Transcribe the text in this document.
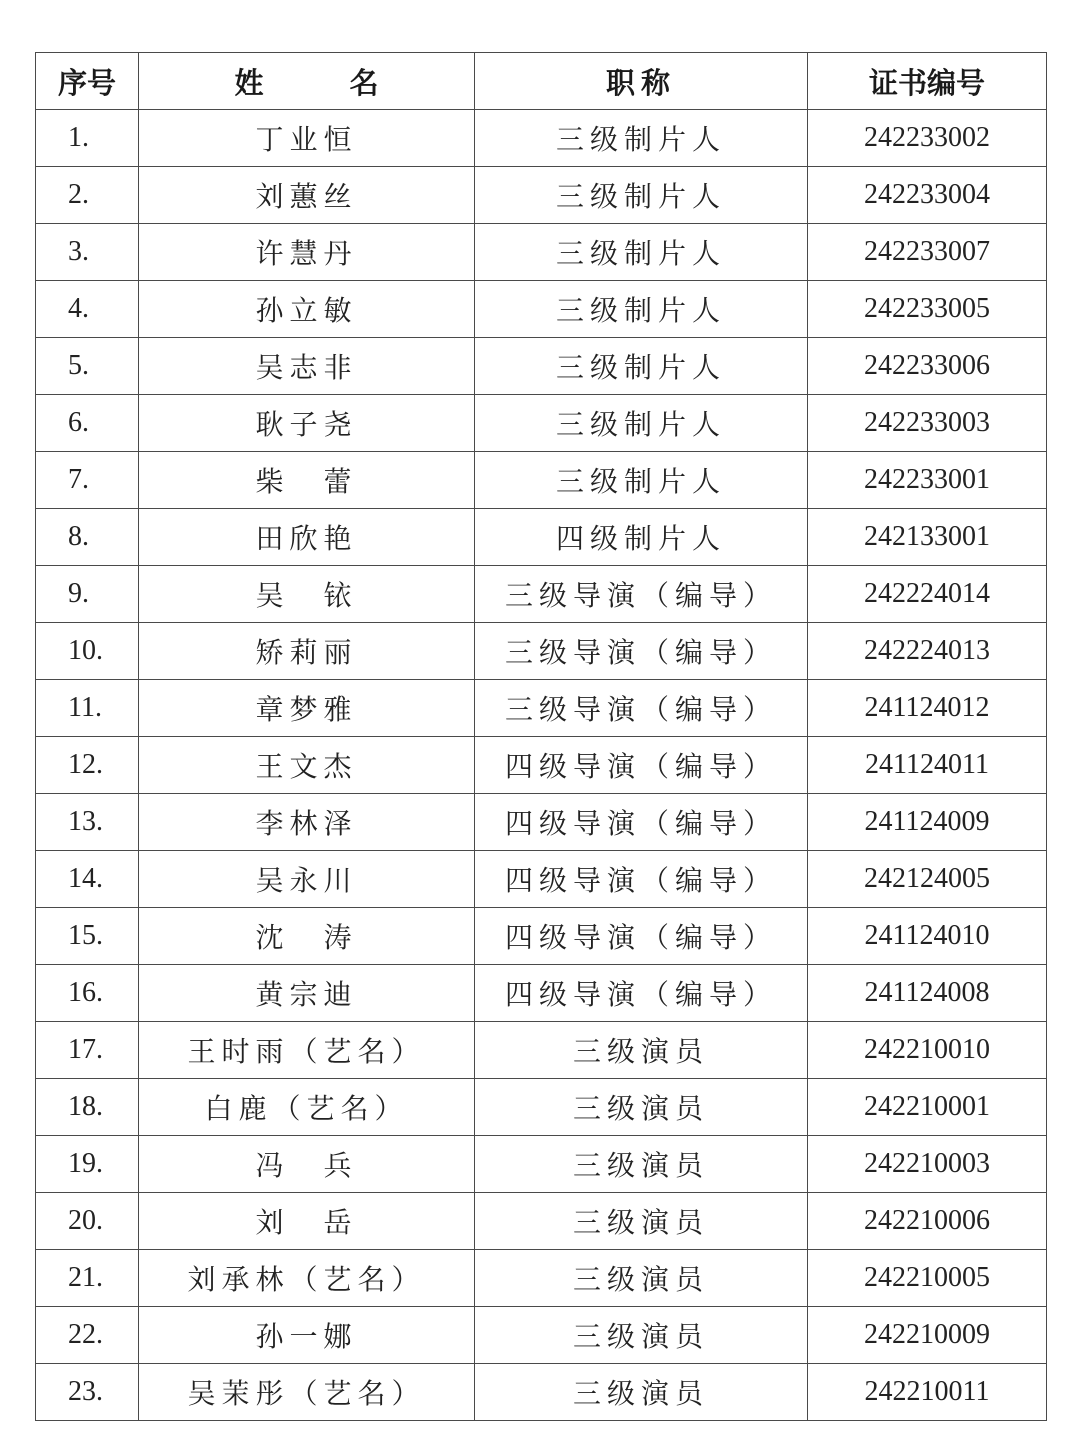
序号	姓 名	职称	证书编号
1.	丁业恒	三级制片人	242233002
2.	刘蕙丝	三级制片人	242233004
3.	许慧丹	三级制片人	242233007
4.	孙立敏	三级制片人	242233005
5.	吴志非	三级制片人	242233006
6.	耿子尧	三级制片人	242233003
7.	柴　蕾	三级制片人	242233001
8.	田欣艳	四级制片人	242133001
9.	吴　铱	三级导演（编导）	242224014
10.	矫莉丽	三级导演（编导）	242224013
11.	章梦雅	三级导演（编导）	241124012
12.	王文杰	四级导演（编导）	241124011
13.	李林泽	四级导演（编导）	241124009
14.	吴永川	四级导演（编导）	242124005
15.	沈　涛	四级导演（编导）	241124010
16.	黄宗迪	四级导演（编导）	241124008
17.	王时雨（艺名）	三级演员	242210010
18.	白鹿（艺名）	三级演员	242210001
19.	冯　兵	三级演员	242210003
20.	刘　岳	三级演员	242210006
21.	刘承林（艺名）	三级演员	242210005
22.	孙一娜	三级演员	242210009
23.	吴茉彤（艺名）	三级演员	242210011
